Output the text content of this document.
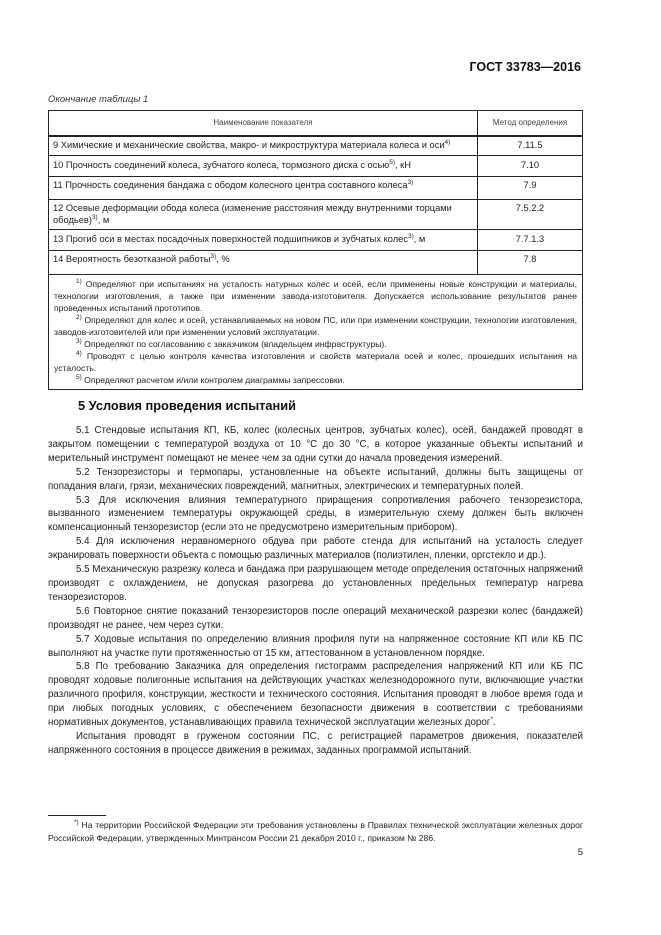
ГОСТ 33783—2016
Окончание таблицы 1
Наименование показателя	Метод определения
9 Химические и механические свойства, макро- и микроструктура материала колеса и оси$^{4)}$	7.11.5
10 Прочность соединений колеса, зубчатого колеса, тормозного диска с осью$^{5)}$, кН	7.10
11 Прочность соединения бандажа с ободом колесного центра составного колеса$^{3)}$	7.9
12 Осевые деформации обода колеса (изменение расстояния между внутренними торцами ободьев)$^{3)}$, м	7.5.2.2
13 Прогиб оси в местах посадочных поверхностей подшипников и зубчатых колес$^{3)}$, м	7.7.1.3
14 Вероятность безотказной работы$^{3)}$, %	7.8

$^{1)}$ Определяют при испытаниях на усталость натурных колес и осей, если применены новые конструкции и материалы, технологии изготовления, а также при изменении завода-изготовителя. Допускается использование результатов ранее проведенных испытаний прототипов.

$^{2)}$ Определяют для колес и осей, устанавливаемых на новом ПС, или при изменении конструкции, технологии изготовления, заводов-изготовителей или при изменении условий эксплуатации.

$^{3)}$ Определяют по согласованию с заказчиком (владельцем инфраструктуры).

$^{4)}$ Проводят с целью контроля качества изготовления и свойств материала осей и колес, прошедших испытания на усталость.

$^{5)}$ Определяют расчетом и/или контролем диаграммы запрессовки.	

5 Условия проведения испытаний

5.1 Стендовые испытания КП, КБ, колес (колесных центров, зубчатых колес), осей, бандажей проводят в закрытом помещении с температурой воздуха от 10 °С до 30 °С, в которое указанные объекты испытаний и мерительный инструмент помещают не менее чем за одни сутки до начала проведения измерений.

5.2 Тензорезисторы и термопары, установленные на объекте испытаний, должны быть защищены от попадания влаги, грязи, механических повреждений, магнитных, электрических и температурных полей.

5.3 Для исключения влияния температурного приращения сопротивления рабочего тензорезистора, вызванного изменением температуры окружающей среды, в измерительную схему должен быть включен компенсационный тензорезистор (если это не предусмотрено измерительным прибором).

5.4 Для исключения неравномерного обдува при работе стенда для испытаний на усталость следует экранировать поверхности объекта с помощью различных материалов (полиэтилен, пленки, оргстекло и др.).

5.5 Механическую разрезку колеса и бандажа при разрушающем методе определения остаточных напряжений производят с охлаждением, не допуская разогрева до установленных предельных температур нагрева тензорезисторов.

5.6 Повторное снятие показаний тензорезисторов после операций механической разрезки колес (бандажей) производят не ранее, чем через сутки.

5.7 Ходовые испытания по определению влияния профиля пути на напряженное состояние КП или КБ ПС выполняют на участке пути протяженностью от 15 км, аттестованном в установленном порядке.

5.8 По требованию Заказчика для определения гистограмм распределения напряжений КП или КБ ПС проводят ходовые полигонные испытания на действующих участках железнодорожного пути, включающие участки различного профиля, конструкции, жесткости и технического состояния. Испытания проводят в любое время года и при любых погодных условиях, с обеспечением безопасности движения в соответствии с требованиями нормативных документов, устанавливающих правила технической эксплуатации железных дорог*.

Испытания проводят в груженом состоянии ПС, с регистрацией параметров движения, показателей напряженного состояния в процессе движения в режимах, заданных программой испытаний.

*) На территории Российской Федерации эти требования установлены в Правилах технической эксплуатации железных дорог Российской Федерации, утвержденных Минтрансом России 21 декабря 2010 г., приказом № 286.

5
